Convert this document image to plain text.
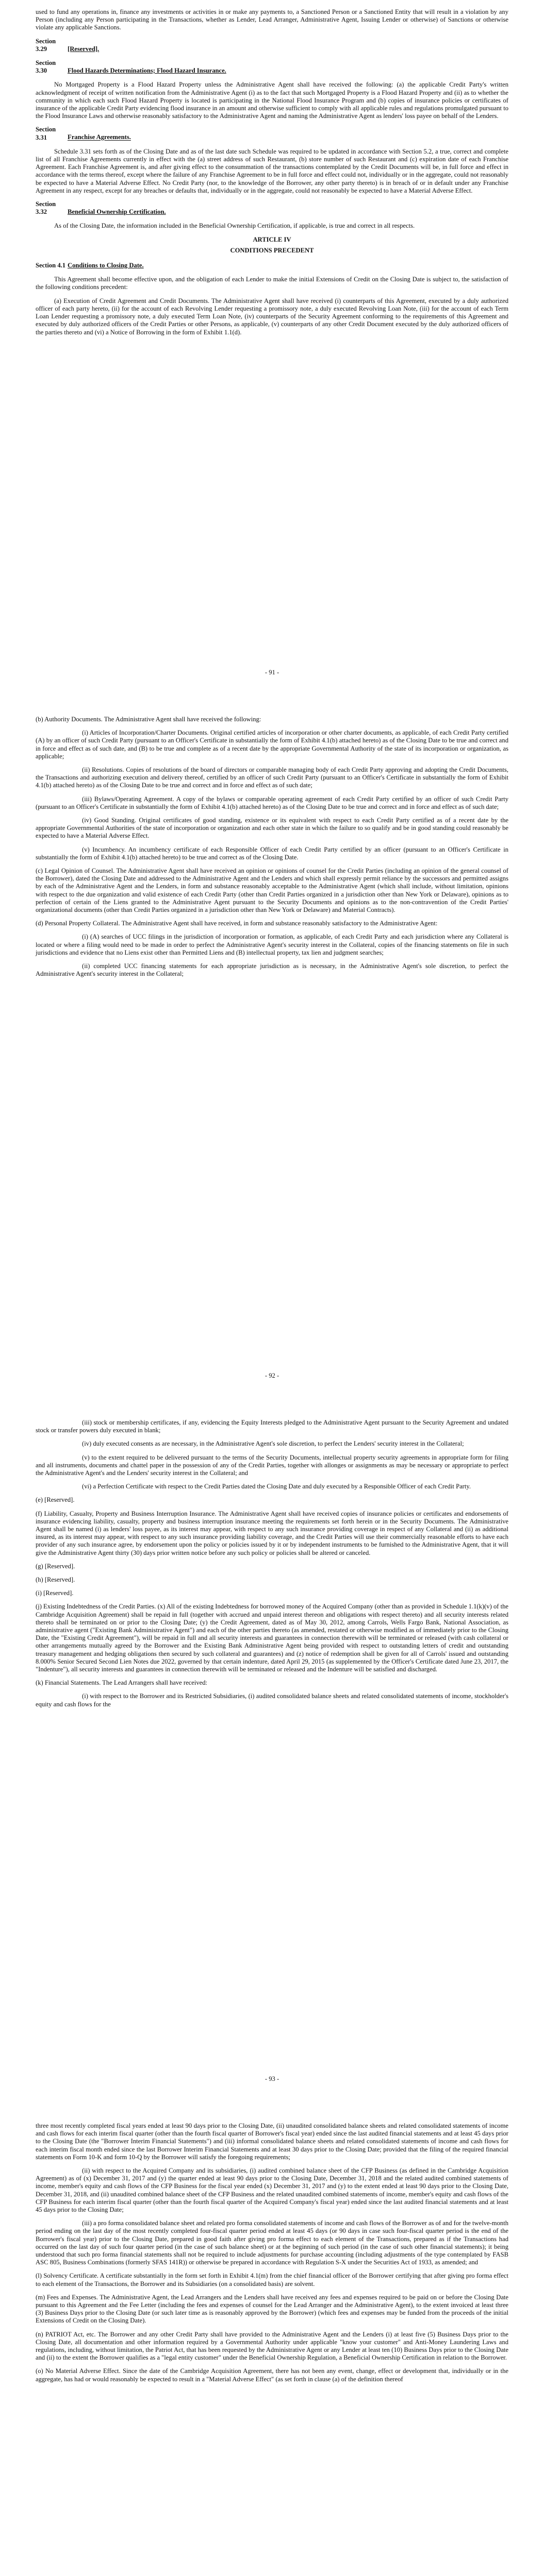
used to fund any operations in, finance any investments or activities in or make any payments to, a Sanctioned Person or a Sanctioned Entity that will result in a violation by any Person (including any Person participating in the Transactions, whether as Lender, Lead Arranger, Administrative Agent, Issuing Lender or otherwise) of Sanctions or otherwise violate any applicable Sanctions.

Section 3.29	[Reserved].
Section 3.30	Flood Hazards Determinations; Flood Hazard Insurance.

No Mortgaged Property is a Flood Hazard Property unless the Administrative Agent shall have received the following: (a) the applicable Credit Party's written acknowledgment of receipt of written notification from the Administrative Agent (i) as to the fact that such Mortgaged Property is a Flood Hazard Property and (ii) as to whether the community in which each such Flood Hazard Property is located is participating in the National Flood Insurance Program and (b) copies of insurance policies or certificates of insurance of the applicable Credit Party evidencing flood insurance in an amount and otherwise sufficient to comply with all applicable rules and regulations promulgated pursuant to the Flood Insurance Laws and otherwise reasonably satisfactory to the Administrative Agent and naming the Administrative Agent as lenders' loss payee on behalf of the Lenders.

Section 3.31	Franchise Agreements.

Schedule 3.31 sets forth as of the Closing Date and as of the last date such Schedule was required to be updated in accordance with Section 5.2, a true, correct and complete list of all Franchise Agreements currently in effect with the (a) street address of such Restaurant, (b) store number of such Restaurant and (c) expiration date of each Franchise Agreement. Each Franchise Agreement is, and after giving effect to the consummation of the transactions contemplated by the Credit Documents will be, in full force and effect in accordance with the terms thereof, except where the failure of any Franchise Agreement to be in full force and effect could not, individually or in the aggregate, could not reasonably be expected to have a Material Adverse Effect. No Credit Party (nor, to the knowledge of the Borrower, any other party thereto) is in breach of or in default under any Franchise Agreement in any respect, except for any breaches or defaults that, individually or in the aggregate, could not reasonably be expected to have a Material Adverse Effect.

Section 3.32	Beneficial Ownership Certification.

As of the Closing Date, the information included in the Beneficial Ownership Certification, if applicable, is true and correct in all respects.

ARTICLE IV
CONDITIONS PRECEDENT
Section 4.1 Conditions to Closing Date.

This Agreement shall become effective upon, and the obligation of each Lender to make the initial Extensions of Credit on the Closing Date is subject to, the satisfaction of the following conditions precedent:

(a) Execution of Credit Agreement and Credit Documents. The Administrative Agent shall have received (i) counterparts of this Agreement, executed by a duly authorized officer of each party hereto, (ii) for the account of each Revolving Lender requesting a promissory note, a duly executed Revolving Loan Note, (iii) for the account of each Term Loan Lender requesting a promissory note, a duly executed Term Loan Note, (iv) counterparts of the Security Agreement conforming to the requirements of this Agreement and executed by duly authorized officers of the Credit Parties or other Persons, as applicable, (v) counterparts of any other Credit Document executed by the duly authorized officers of the parties thereto and (vi) a Notice of Borrowing in the form of Exhibit 1.1(d).

- 91 -

(b) Authority Documents. The Administrative Agent shall have received the following:

(i) Articles of Incorporation/Charter Documents. Original certified articles of incorporation or other charter documents, as applicable, of each Credit Party certified (A) by an officer of such Credit Party (pursuant to an Officer's Certificate in substantially the form of Exhibit 4.1(b) attached hereto) as of the Closing Date to be true and correct and in force and effect as of such date, and (B) to be true and complete as of a recent date by the appropriate Governmental Authority of the state of its incorporation or organization, as applicable;

(ii) Resolutions. Copies of resolutions of the board of directors or comparable managing body of each Credit Party approving and adopting the Credit Documents, the Transactions and authorizing execution and delivery thereof, certified by an officer of such Credit Party (pursuant to an Officer's Certificate in substantially the form of Exhibit 4.1(b) attached hereto) as of the Closing Date to be true and correct and in force and effect as of such date;

(iii) Bylaws/Operating Agreement. A copy of the bylaws or comparable operating agreement of each Credit Party certified by an officer of such Credit Party (pursuant to an Officer's Certificate in substantially the form of Exhibit 4.1(b) attached hereto) as of the Closing Date to be true and correct and in force and effect as of such date;

(iv) Good Standing. Original certificates of good standing, existence or its equivalent with respect to each Credit Party certified as of a recent date by the appropriate Governmental Authorities of the state of incorporation or organization and each other state in which the failure to so qualify and be in good standing could reasonably be expected to have a Material Adverse Effect.

(v) Incumbency. An incumbency certificate of each Responsible Officer of each Credit Party certified by an officer (pursuant to an Officer's Certificate in substantially the form of Exhibit 4.1(b) attached hereto) to be true and correct as of the Closing Date.

(c) Legal Opinion of Counsel. The Administrative Agent shall have received an opinion or opinions of counsel for the Credit Parties (including an opinion of the general counsel of the Borrower), dated the Closing Date and addressed to the Administrative Agent and the Lenders and which shall expressly permit reliance by the successors and permitted assigns by each of the Administrative Agent and the Lenders, in form and substance reasonably acceptable to the Administrative Agent (which shall include, without limitation, opinions with respect to the due organization and valid existence of each Credit Party (other than Credit Parties organized in a jurisdiction other than New York or Delaware), opinions as to perfection of certain of the Liens granted to the Administrative Agent pursuant to the Security Documents and opinions as to the non-contravention of the Credit Parties' organizational documents (other than Credit Parties organized in a jurisdiction other than New York or Delaware) and Material Contracts).

(d) Personal Property Collateral. The Administrative Agent shall have received, in form and substance reasonably satisfactory to the Administrative Agent:

(i) (A) searches of UCC filings in the jurisdiction of incorporation or formation, as applicable, of each Credit Party and each jurisdiction where any Collateral is located or where a filing would need to be made in order to perfect the Administrative Agent's security interest in the Collateral, copies of the financing statements on file in such jurisdictions and evidence that no Liens exist other than Permitted Liens and (B) intellectual property, tax lien and judgment searches;

(ii) completed UCC financing statements for each appropriate jurisdiction as is necessary, in the Administrative Agent's sole discretion, to perfect the Administrative Agent's security interest in the Collateral;

- 92 -

(iii) stock or membership certificates, if any, evidencing the Equity Interests pledged to the Administrative Agent pursuant to the Security Agreement and undated stock or transfer powers duly executed in blank;

(iv) duly executed consents as are necessary, in the Administrative Agent's sole discretion, to perfect the Lenders' security interest in the Collateral;

(v) to the extent required to be delivered pursuant to the terms of the Security Documents, intellectual property security agreements in appropriate form for filing and all instruments, documents and chattel paper in the possession of any of the Credit Parties, together with allonges or assignments as may be necessary or appropriate to perfect the Administrative Agent's and the Lenders' security interest in the Collateral; and

(vi) a Perfection Certificate with respect to the Credit Parties dated the Closing Date and duly executed by a Responsible Officer of each Credit Party.

(e) [Reserved].

(f) Liability, Casualty, Property and Business Interruption Insurance. The Administrative Agent shall have received copies of insurance policies or certificates and endorsements of insurance evidencing liability, casualty, property and business interruption insurance meeting the requirements set forth herein or in the Security Documents. The Administrative Agent shall be named (i) as lenders' loss payee, as its interest may appear, with respect to any such insurance providing coverage in respect of any Collateral and (ii) as additional insured, as its interest may appear, with respect to any such insurance providing liability coverage, and the Credit Parties will use their commercially reasonable efforts to have each provider of any such insurance agree, by endorsement upon the policy or policies issued by it or by independent instruments to be furnished to the Administrative Agent, that it will give the Administrative Agent thirty (30) days prior written notice before any such policy or policies shall be altered or canceled.

(g) [Reserved].

(h) [Reserved].

(i) [Reserved].

(j) Existing Indebtedness of the Credit Parties. (x) All of the existing Indebtedness for borrowed money of the Acquired Company (other than as provided in Schedule 1.1(k)(v) of the Cambridge Acquisition Agreement) shall be repaid in full (together with accrued and unpaid interest thereon and obligations with respect thereto) and all security interests related thereto shall be terminated on or prior to the Closing Date; (y) the Credit Agreement, dated as of May 30, 2012, among Carrols, Wells Fargo Bank, National Association, as administrative agent ("Existing Bank Administrative Agent") and each of the other parties thereto (as amended, restated or otherwise modified as of immediately prior to the Closing Date, the "Existing Credit Agreement"), will be repaid in full and all security interests and guarantees in connection therewith will be terminated or released (with cash collateral or other arrangements mutually agreed by the Borrower and the Existing Bank Administrative Agent being provided with respect to outstanding letters of credit and outstanding treasury management and hedging obligations then secured by such collateral and guarantees) and (z) notice of redemption shall be given for all of Carrols' issued and outstanding 8.000% Senior Secured Second Lien Notes due 2022, governed by that certain indenture, dated April 29, 2015 (as supplemented by the Officer's Certificate dated June 23, 2017, the "Indenture"), all security interests and guarantees in connection therewith will be terminated or released and the Indenture will be satisfied and discharged.

(k) Financial Statements. The Lead Arrangers shall have received:

(i) with respect to the Borrower and its Restricted Subsidiaries, (i) audited consolidated balance sheets and related consolidated statements of income, stockholder's equity and cash flows for the

- 93 -

three most recently completed fiscal years ended at least 90 days prior to the Closing Date, (ii) unaudited consolidated balance sheets and related consolidated statements of income and cash flows for each interim fiscal quarter (other than the fourth fiscal quarter of Borrower's fiscal year) ended since the last audited financial statements and at least 45 days prior to the Closing Date (the "Borrower Interim Financial Statements") and (iii) informal consolidated balance sheets and related consolidated statements of income and cash flows for each interim fiscal month ended since the last Borrower Interim Financial Statements and at least 30 days prior to the Closing Date; provided that the filing of the required financial statements on Form 10-K and form 10-Q by the Borrower will satisfy the foregoing requirements;

(ii) with respect to the Acquired Company and its subsidiaries, (i) audited combined balance sheet of the CFP Business (as defined in the Cambridge Acquisition Agreement) as of (x) December 31, 2017 and (y) the quarter ended at least 90 days prior to the Closing Date, December 31, 2018 and the related audited combined statements of income, member's equity and cash flows of the CFP Business for the fiscal year ended (x) December 31, 2017 and (y) to the extent ended at least 90 days prior to the Closing Date, December 31, 2018, and (ii) unaudited combined balance sheet of the CFP Business and the related unaudited combined statements of income, member's equity and cash flows of the CFP Business for each interim fiscal quarter (other than the fourth fiscal quarter of the Acquired Company's fiscal year) ended since the last audited financial statements and at least 45 days prior to the Closing Date;

(iii) a pro forma consolidated balance sheet and related pro forma consolidated statements of income and cash flows of the Borrower as of and for the twelve-month period ending on the last day of the most recently completed four-fiscal quarter period ended at least 45 days (or 90 days in case such four-fiscal quarter period is the end of the Borrower's fiscal year) prior to the Closing Date, prepared in good faith after giving pro forma effect to each element of the Transactions, prepared as if the Transactions had occurred on the last day of such four quarter period (in the case of such balance sheet) or at the beginning of such period (in the case of such other financial statements); it being understood that such pro forma financial statements shall not be required to include adjustments for purchase accounting (including adjustments of the type contemplated by FASB ASC 805, Business Combinations (formerly SFAS 141R)) or otherwise be prepared in accordance with Regulation S-X under the Securities Act of 1933, as amended; and

(l) Solvency Certificate. A certificate substantially in the form set forth in Exhibit 4.1(m) from the chief financial officer of the Borrower certifying that after giving pro forma effect to each element of the Transactions, the Borrower and its Subsidiaries (on a consolidated basis) are solvent.

(m) Fees and Expenses. The Administrative Agent, the Lead Arrangers and the Lenders shall have received any fees and expenses required to be paid on or before the Closing Date pursuant to this Agreement and the Fee Letter (including the fees and expenses of counsel for the Lead Arranger and the Administrative Agent), to the extent invoiced at least three (3) Business Days prior to the Closing Date (or such later time as is reasonably approved by the Borrower) (which fees and expenses may be funded from the proceeds of the initial Extensions of Credit on the Closing Date).

(n) PATRIOT Act, etc. The Borrower and any other Credit Party shall have provided to the Administrative Agent and the Lenders (i) at least five (5) Business Days prior to the Closing Date, all documentation and other information required by a Governmental Authority under applicable "know your customer" and Anti-Money Laundering Laws and regulations, including, without limitation, the Patriot Act, that has been requested by the Administrative Agent or any Lender at least ten (10) Business Days prior to the Closing Date and (ii) to the extent the Borrower qualifies as a "legal entity customer" under the Beneficial Ownership Regulation, a Beneficial Ownership Certification in relation to the Borrower.

(o) No Material Adverse Effect. Since the date of the Cambridge Acquisition Agreement, there has not been any event, change, effect or development that, individually or in the aggregate, has had or would reasonably be expected to result in a "Material Adverse Effect" (as set forth in clause (a) of the definition thereof
